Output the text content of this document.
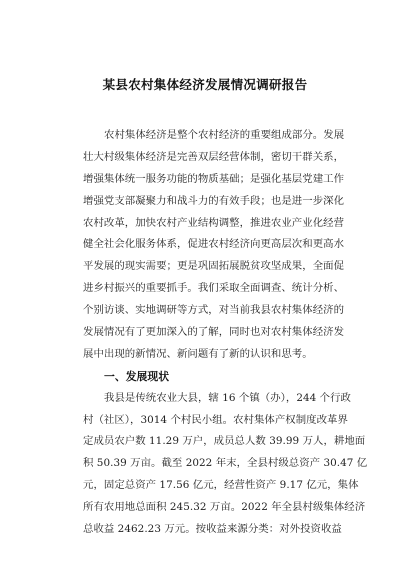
某县农村集体经济发展情况调研报告
农村集体经济是整个农村经济的重要组成部分。发展
壮大村级集体经济是完善双层经营体制，密切干群关系，
增强集体统一服务功能的物质基础；是强化基层党建工作
增强党支部凝聚力和战斗力的有效手段；也是进一步深化
农村改革，加快农村产业结构调整，推进农业产业化经营
健全社会化服务体系，促进农村经济向更高层次和更高水
平发展的现实需要；更是巩固拓展脱贫攻坚成果，全面促
进乡村振兴的重要抓手。我们采取全面调查、统计分析、
个别访谈、实地调研等方式，对当前我县农村集体经济的
发展情况有了更加深入的了解，同时也对农村集体经济发
展中出现的新情况、新问题有了新的认识和思考。
一、发展现状
我县是传统农业大县，辖 16 个镇（办），244 个行政
村（社区），3014 个村民小组。农村集体产权制度改革界
定成员农户数 11.29 万户，成员总人数 39.99 万人，耕地面
积 50.39 万亩。截至 2022 年末，全县村级总资产 30.47 亿
元，固定总资产 17.56 亿元，经营性资产 9.17 亿元，集体
所有农用地总面积 245.32 万亩。2022 年全县村级集体经济
总收益 2462.23 万元。按收益来源分类：对外投资收益
